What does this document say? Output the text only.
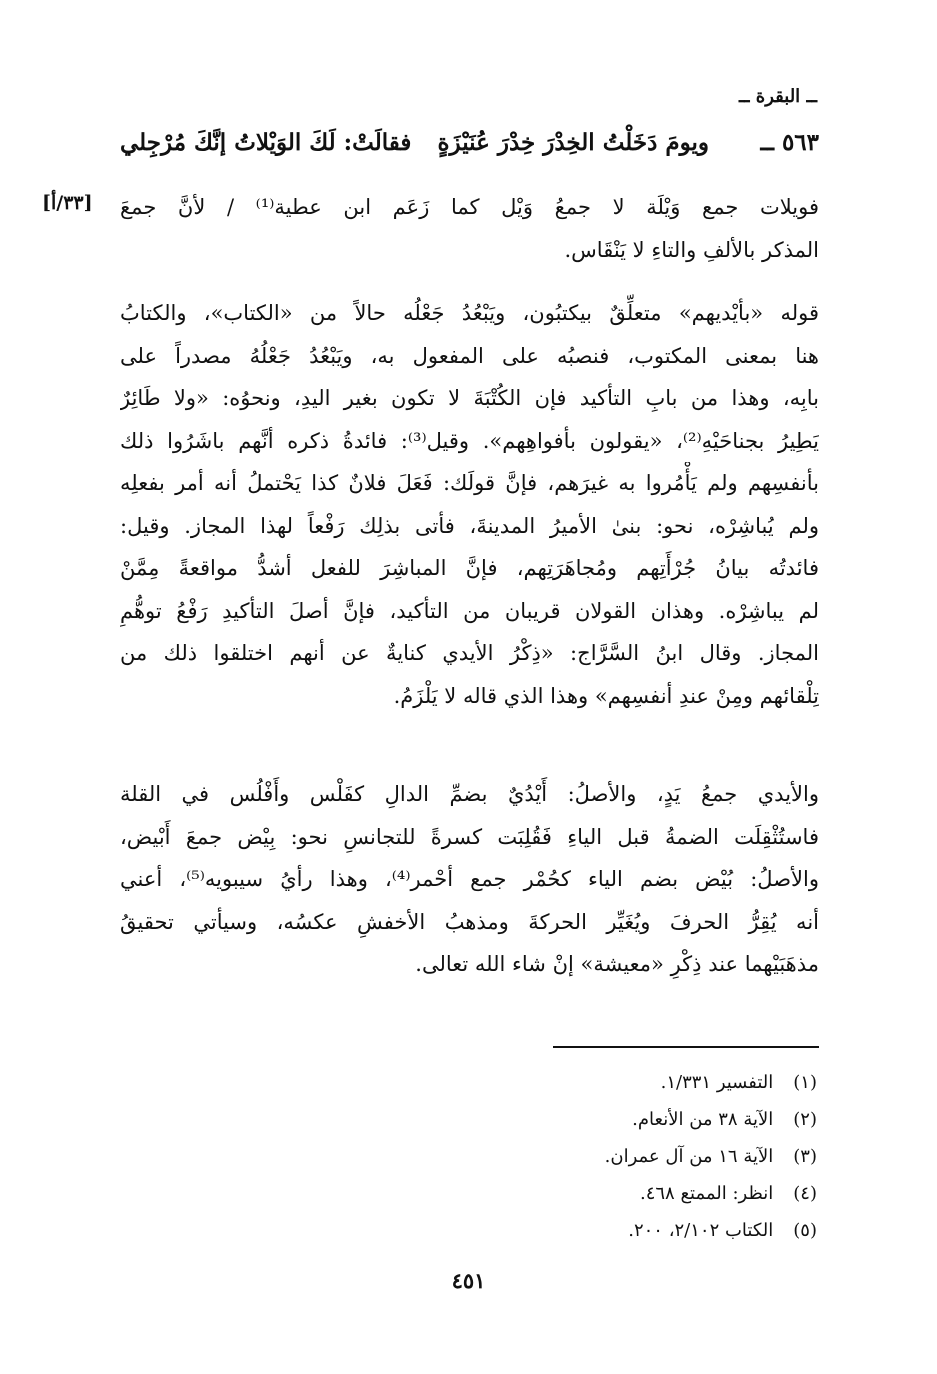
ــ البقرة ــ
٥٦٣ ــ
ويومَ دَخَلْتُ الخِدْرَ خِدْرَ عُنَيْزَةٍ
فقالَتْ: لَكَ الوَيْلاتُ إنَّكَ مُرْجِلي
[٣٣/أ] فويلات جمع وَيْلَة لا جمعُ وَيْل كما زَعَم ابن عطية⁽¹⁾ / لأنَّ جمعَ
المذكر بالألفِ والتاءِ لا يَنْقَاس.
قوله «بأيْديهم» متعلِّقٌ بيكتبُون، ويَبْعُدُ جَعْلُه حالاً من «الكتاب»، والكتابُ
هنا بمعنى المكتوب، فنصبُه على المفعول به، ويَبْعُدُ جَعْلُهُ مصدراً على
بابِه، وهذا من بابِ التأكيد فإن الكُتْبَةَ لا تكون بغير اليدِ، ونحوُه: «ولا طَائِرٌ
يَطِيرُ بجناحَيْهِ⁽²⁾، «يقولون بأفواهِهم». وقيل⁽³⁾: فائدةُ ذكره أنَّهم باشَرُوا ذلك
بأنفسِهم ولم يَأْمُروا به غيرَهم، فإنَّ قولَك: فَعَلَ فلانٌ كذا يَحْتملُ أنه أمر بفعلِه
ولم يُباشِرْه، نحو: بنىٰ الأميرُ المدينةَ، فأتى بذلِك رَفْعاً لهذا المجاز. وقيل:
فائدتُه بيانُ جُرْأَتِهم ومُجاهَرَتِهم، فإنَّ المباشِرَ للفعل أشدُّ مواقعةً مِمَّنْ
لم يباشِرْه. وهذان القولان قريبان من التأكيد، فإنَّ أصلَ التأكيدِ رَفْعُ توهُّمِ
المجاز. وقال ابنُ السَّرَّاج: «ذِكْرُ الأيدي كنايةٌ عن أنهم اختلقوا ذلك من
تِلْقائهم ومِنْ عندِ أنفسِهم» وهذا الذي قاله لا يَلْزَمُ.
والأيدي جمعُ يَدٍ، والأصلُ: أَيْدُيٌ بضمِّ الدالِ كفَلْس وأَفْلُس في القلة
فاستُثْقِلَت الضمةُ قبل الياءِ فَقُلِبَت كسرةً للتجانسِ نحو: بِيْض جمعَ أَبْيض،
والأصلُ: بُيْض بضم الياء كحُمْر جمع أحْمر⁽⁴⁾، وهذا رأيُ سيبويه⁽⁵⁾، أعني
أنه يُقِرُّ الحرفَ ويُغَيِّر الحركةَ ومذهبُ الأخفشِ عكسُه، وسيأتي تحقيقُ
مذهَبَيْهما عند ذِكْرِ «معيشة» إنْ شاء الله تعالى.
(١) التفسير ١/٣٣١.
(٢) الآية ٣٨ من الأنعام.
(٣) الآية ١٦ من آل عمران.
(٤) انظر: الممتع ٤٦٨.
(٥) الكتاب ٢/١٠٢، ٢٠٠.
٤٥١
